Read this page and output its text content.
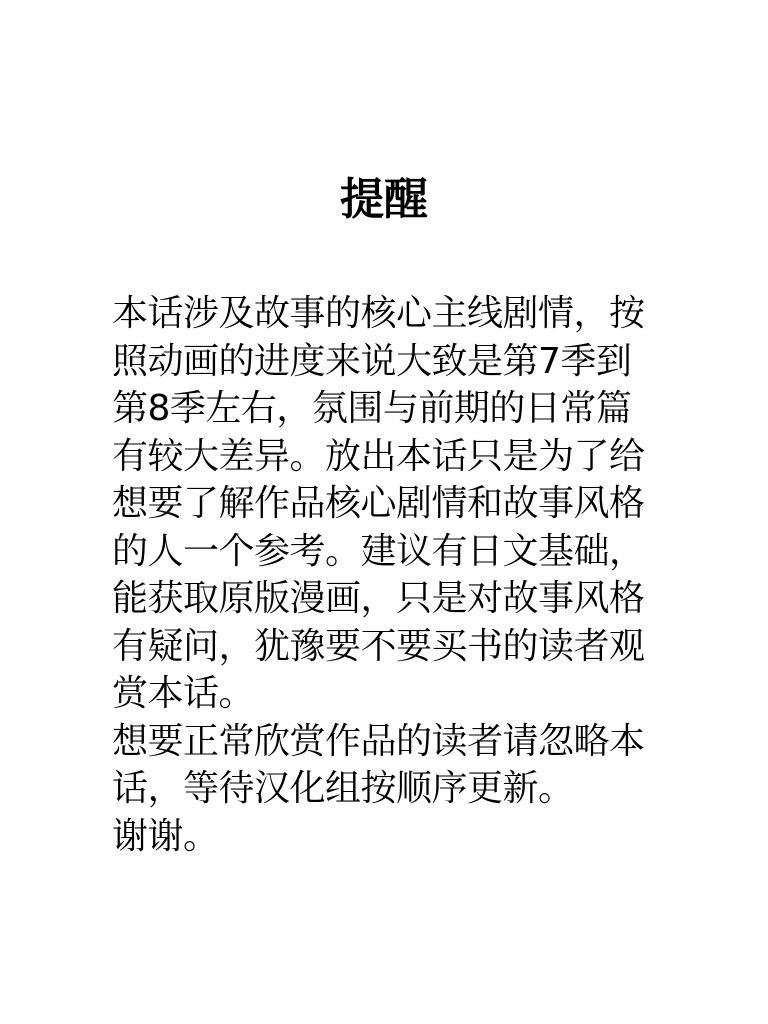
提醒
本话涉及故事的核心主线剧情，按
照动画的进度来说大致是第7季到
第8季左右，氛围与前期的日常篇
有较大差异。放出本话只是为了给
想要了解作品核心剧情和故事风格
的人一个参考。建议有日文基础，
能获取原版漫画，只是对故事风格
有疑问，犹豫要不要买书的读者观
赏本话。
想要正常欣赏作品的读者请忽略本
话，等待汉化组按顺序更新。
谢谢。
